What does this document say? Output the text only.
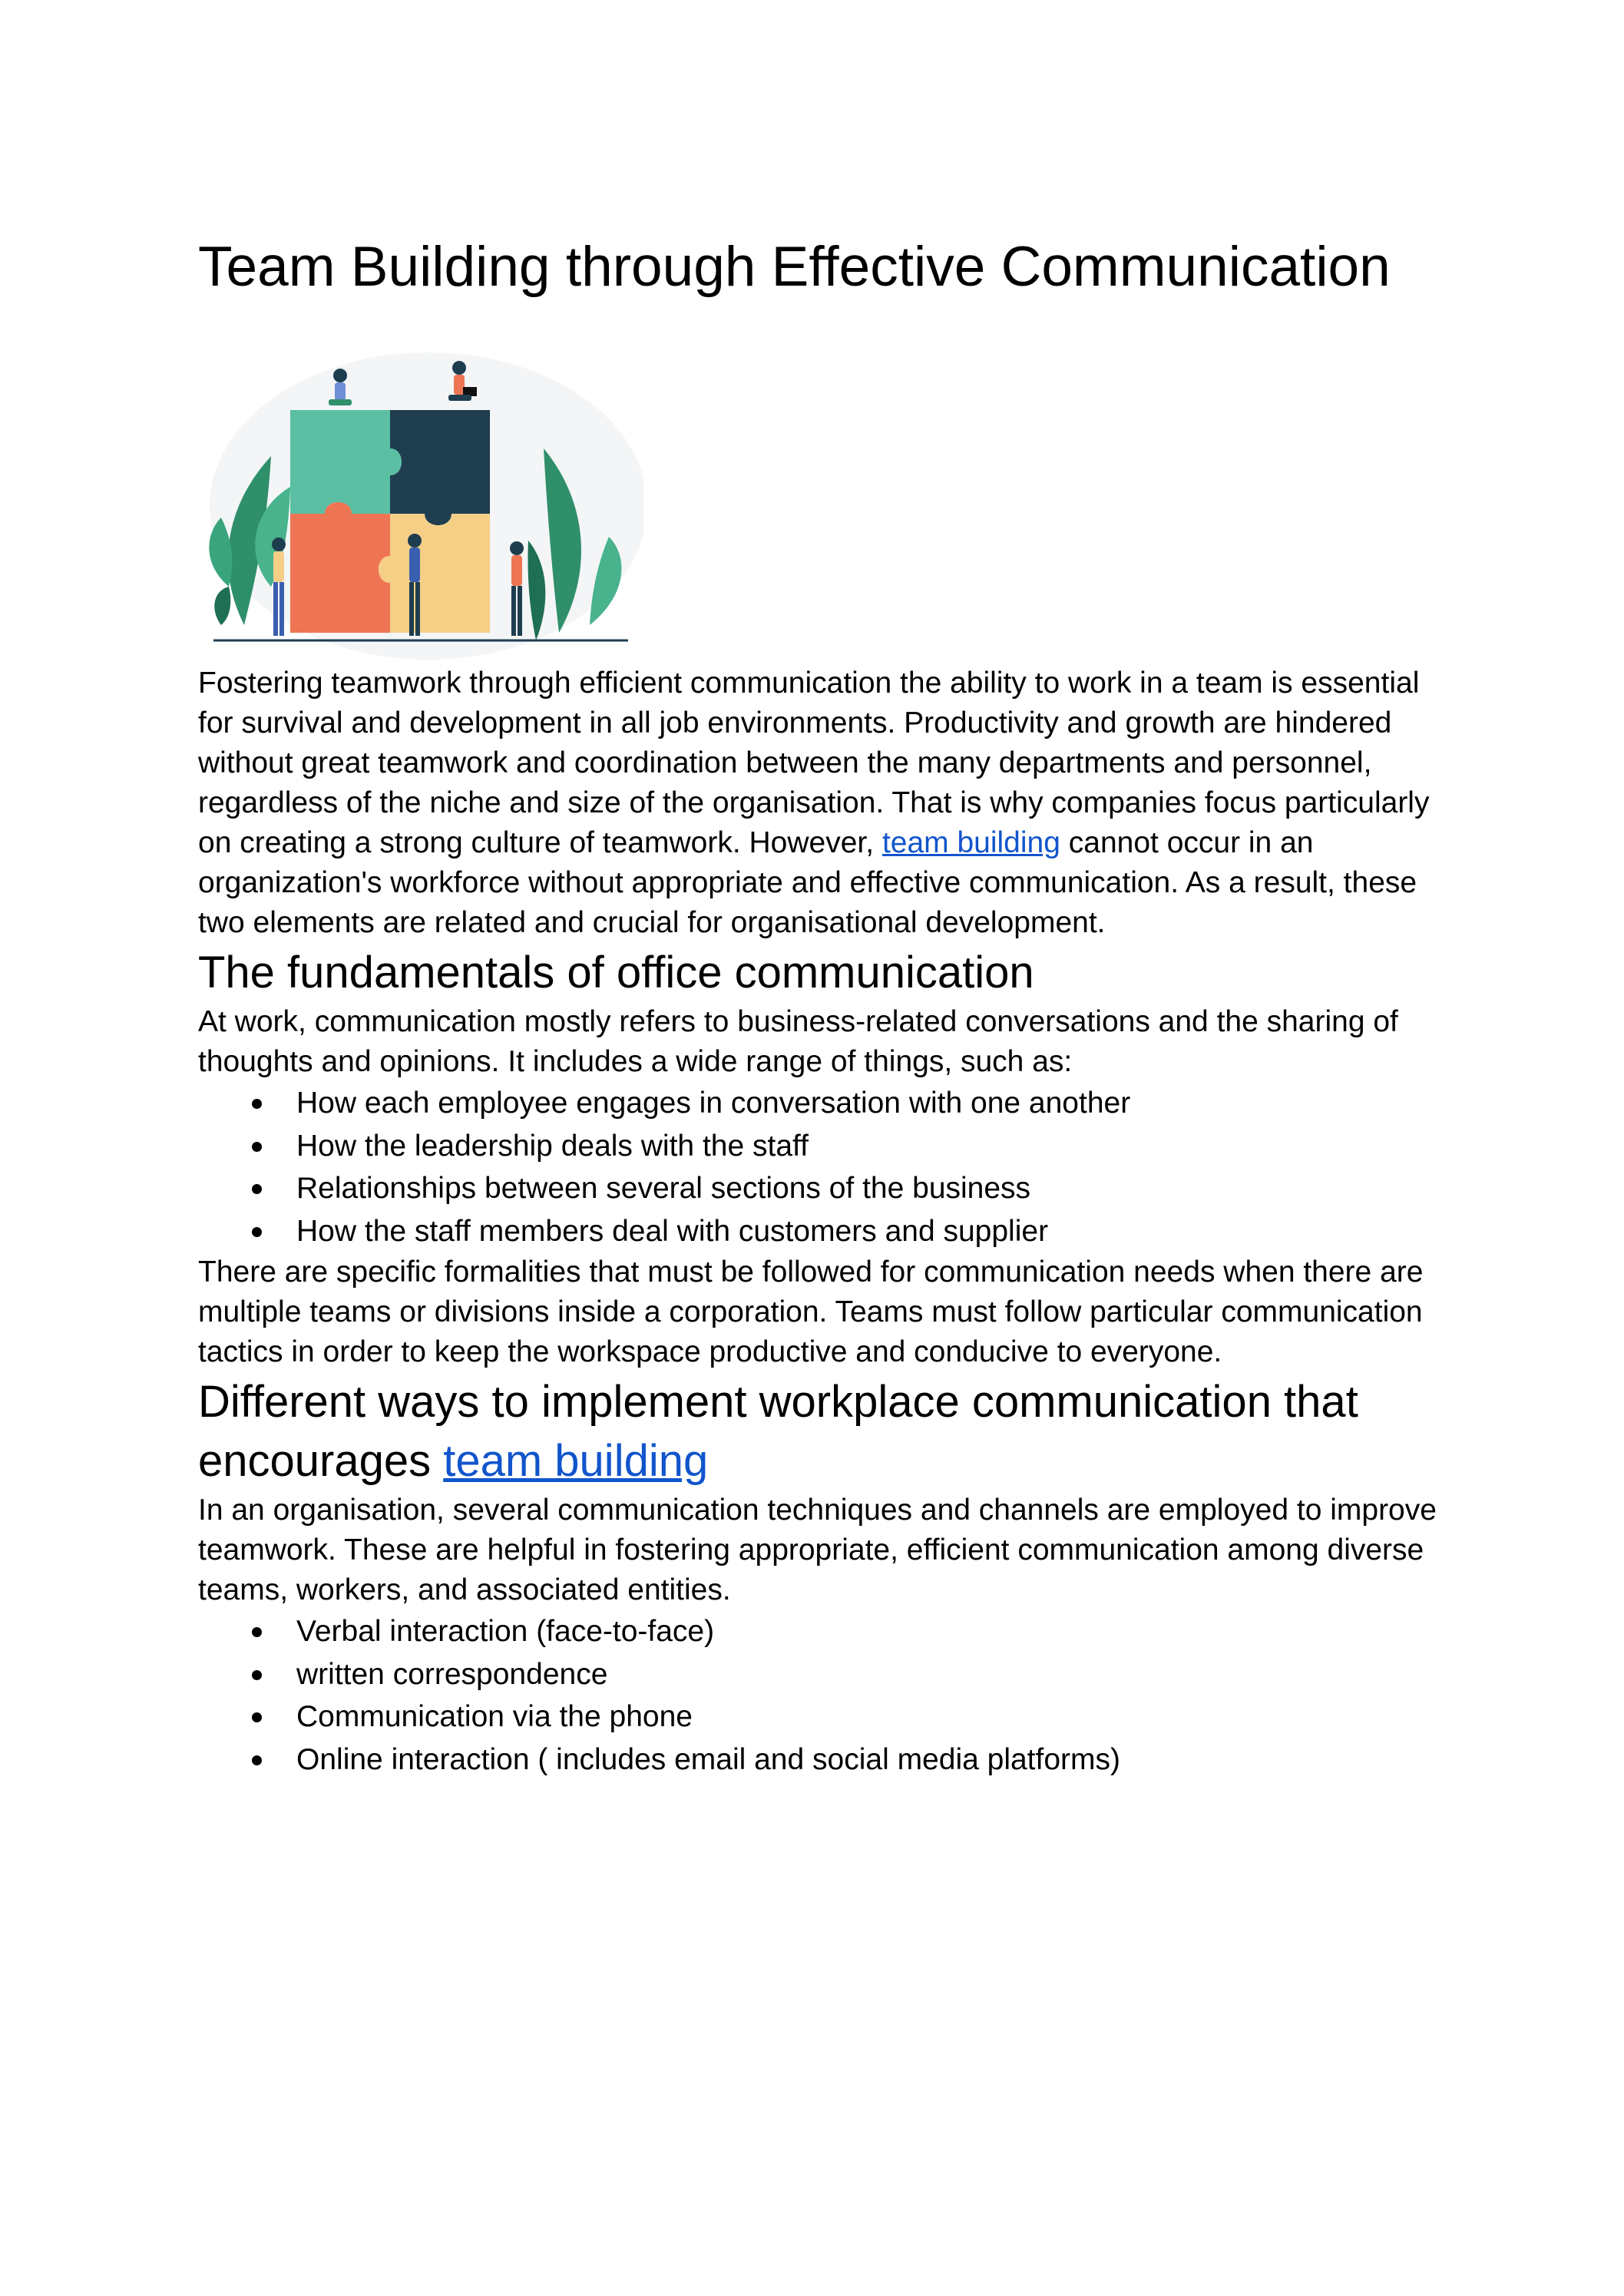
Team Building through Effective Communication

Fostering teamwork through efficient communication the ability to work in a team is essential for survival and development in all job environments. Productivity and growth are hindered without great teamwork and coordination between the many departments and personnel, regardless of the niche and size of the organisation. That is why companies focus particularly on creating a strong culture of teamwork. However, team building cannot occur in an organization's workforce without appropriate and effective communication. As a result, these two elements are related and crucial for organisational development.

The fundamentals of office communication

At work, communication mostly refers to business-related conversations and the sharing of thoughts and opinions. It includes a wide range of things, such as:

How each employee engages in conversation with one another
How the leadership deals with the staff
Relationships between several sections of the business
How the staff members deal with customers and supplier

There are specific formalities that must be followed for communication needs when there are multiple teams or divisions inside a corporation. Teams must follow particular communication tactics in order to keep the workspace productive and conducive to everyone.

Different ways to implement workplace communication that encourages team building

In an organisation, several communication techniques and channels are employed to improve teamwork. These are helpful in fostering appropriate, efficient communication among diverse teams, workers, and associated entities.

Verbal interaction (face-to-face)
written correspondence
Communication via the phone
Online interaction ( includes email and social media platforms)
